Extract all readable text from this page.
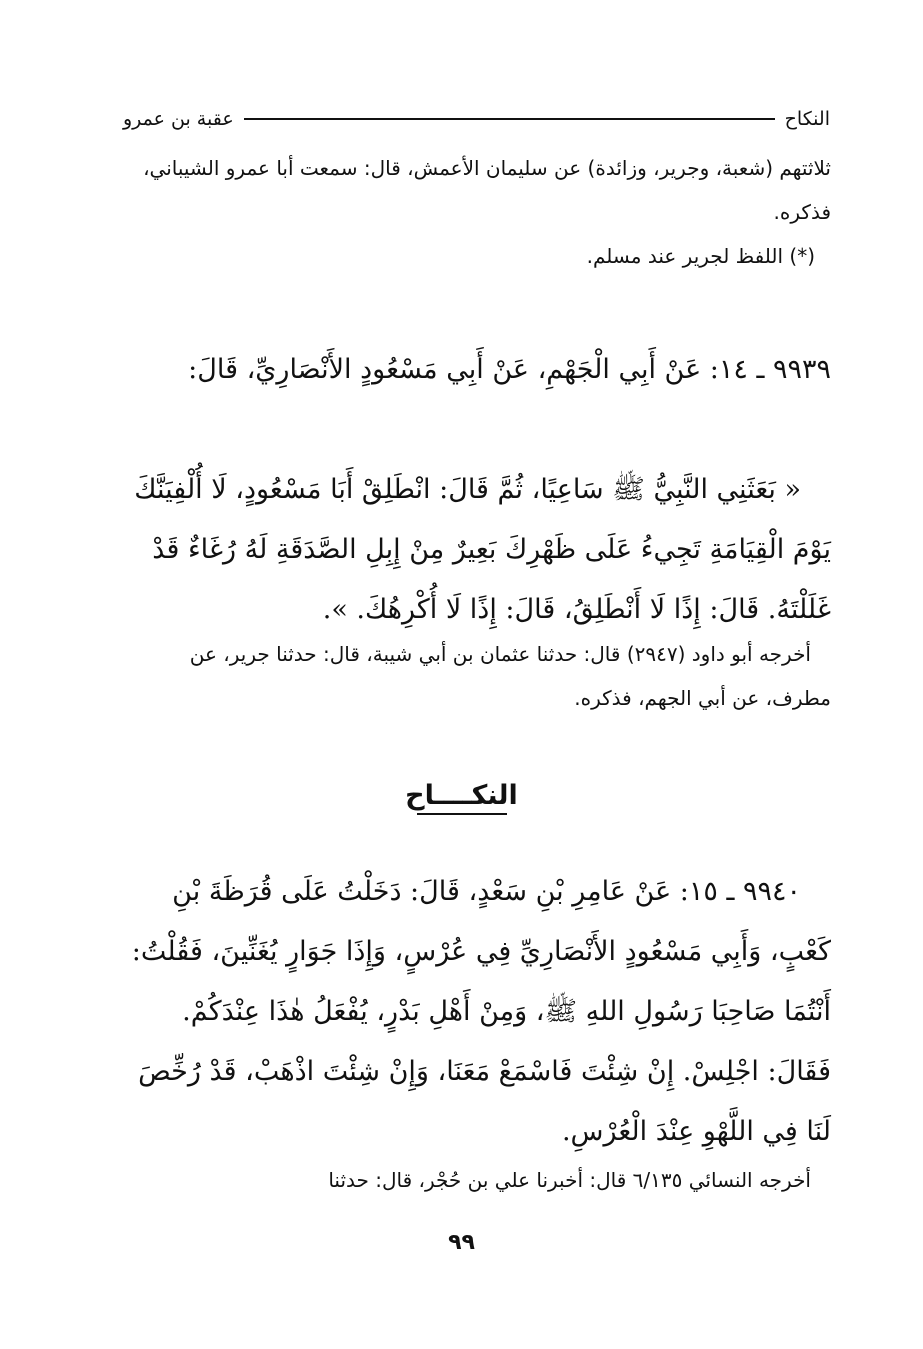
النكاح
عقبة بن عمرو

ثلاثتهم (شعبة، وجرير، وزائدة) عن سليمان الأعمش، قال: سمعت أبا عمرو الشيباني، فذكره.

(*) اللفظ لجرير عند مسلم.

٩٩٣٩ ـ ١٤: عَنْ أَبِي الْجَهْمِ، عَنْ أَبِي مَسْعُودٍ الأَنْصَارِيِّ، قَالَ:

« بَعَثَنِي النَّبِيُّ ﷺ سَاعِيًا، ثُمَّ قَالَ: انْطَلِقْ أَبَا مَسْعُودٍ، لَا أُلْفِيَنَّكَ يَوْمَ الْقِيَامَةِ تَجِيءُ عَلَى ظَهْرِكَ بَعِيرٌ مِنْ إِبِلِ الصَّدَقَةِ لَهُ رُغَاءٌ قَدْ غَلَلْتَهُ. قَالَ: إِذًا لَا أَنْطَلِقُ، قَالَ: إِذًا لَا أُكْرِهُكَ. ».

أخرجه أبو داود (٢٩٤٧) قال: حدثنا عثمان بن أبي شيبة، قال: حدثنا جرير، عن مطرف، عن أبي الجهم، فذكره.

النكــــاح

٩٩٤٠ ـ ١٥: عَنْ عَامِرِ بْنِ سَعْدٍ، قَالَ: دَخَلْتُ عَلَى قُرَظَةَ بْنِ كَعْبٍ، وَأَبِي مَسْعُودٍ الأَنْصَارِيِّ فِي عُرْسٍ، وَإِذَا جَوَارٍ يُغَنِّينَ، فَقُلْتُ: أَنْتُمَا صَاحِبَا رَسُولِ اللهِ ﷺ، وَمِنْ أَهْلِ بَدْرٍ، يُفْعَلُ هٰذَا عِنْدَكُمْ. فَقَالَ: اجْلِسْ. إِنْ شِئْتَ فَاسْمَعْ مَعَنَا، وَإِنْ شِئْتَ اذْهَبْ، قَدْ رُخِّصَ لَنَا فِي اللَّهْوِ عِنْدَ الْعُرْسِ.

أخرجه النسائي ٦/١٣٥ قال: أخبرنا علي بن حُجْر، قال: حدثنا

٩٩
